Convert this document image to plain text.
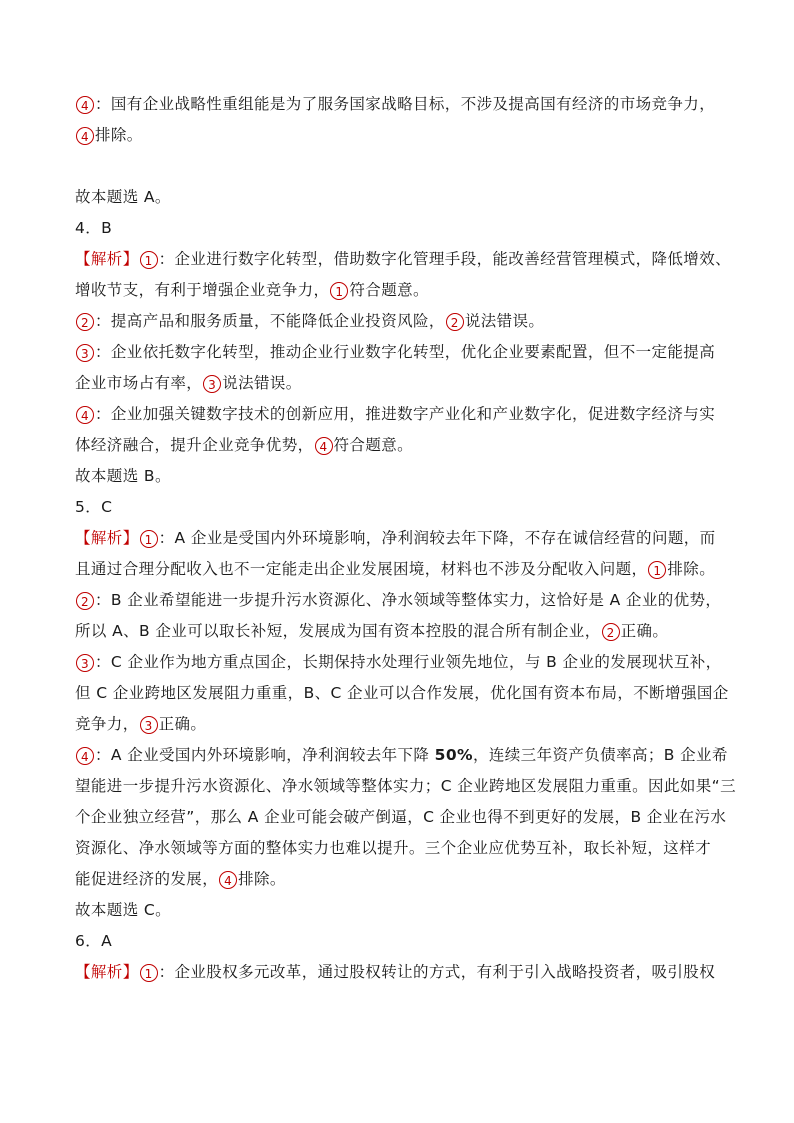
4 ：国有企业战略性重组能是为了服务国家战略目标，不涉及提高国有经济的市场竞争力，
4 排除。
故本题选 A。
4．B
【解析】 1 ：企业进行数字化转型，借助数字化管理手段，能改善经营管理模式，降低增效、
增收节支，有利于增强企业竞争力， 1 符合题意。
2 ：提高产品和服务质量，不能降低企业投资风险， 2 说法错误。
3 ：企业依托数字化转型，推动企业行业数字化转型，优化企业要素配置，但不一定能提高
企业市场占有率， 3 说法错误。
4 ：企业加强关键数字技术的创新应用，推进数字产业化和产业数字化，促进数字经济与实
体经济融合，提升企业竞争优势， 4 符合题意。
故本题选 B。
5．C
【解析】 1 ：A 企业是受国内外环境影响，净利润较去年下降，不存在诚信经营的问题，而
且通过合理分配收入也不一定能走出企业发展困境，材料也不涉及分配收入问题， 1 排除。
2 ：B 企业希望能进一步提升污水资源化、净水领域等整体实力，这恰好是 A 企业的优势，
所以 A、B 企业可以取长补短，发展成为国有资本控股的混合所有制企业， 2 正确。
3 ：C 企业作为地方重点国企，长期保持水处理行业领先地位，与 B 企业的发展现状互补，
但 C 企业跨地区发展阻力重重，B、C 企业可以合作发展，优化国有资本布局，不断增强国企
竞争力， 3 正确。
4 ：A 企业受国内外环境影响，净利润较去年下降 50%，连续三年资产负债率高；B 企业希
望能进一步提升污水资源化、净水领域等整体实力；C 企业跨地区发展阻力重重。因此如果“三
个企业独立经营”，那么 A 企业可能会破产倒逼，C 企业也得不到更好的发展，B 企业在污水
资源化、净水领域等方面的整体实力也难以提升。三个企业应优势互补，取长补短，这样才
能促进经济的发展， 4 排除。
故本题选 C。
6．A
【解析】 1 ：企业股权多元改革，通过股权转让的方式，有利于引入战略投资者，吸引股权
